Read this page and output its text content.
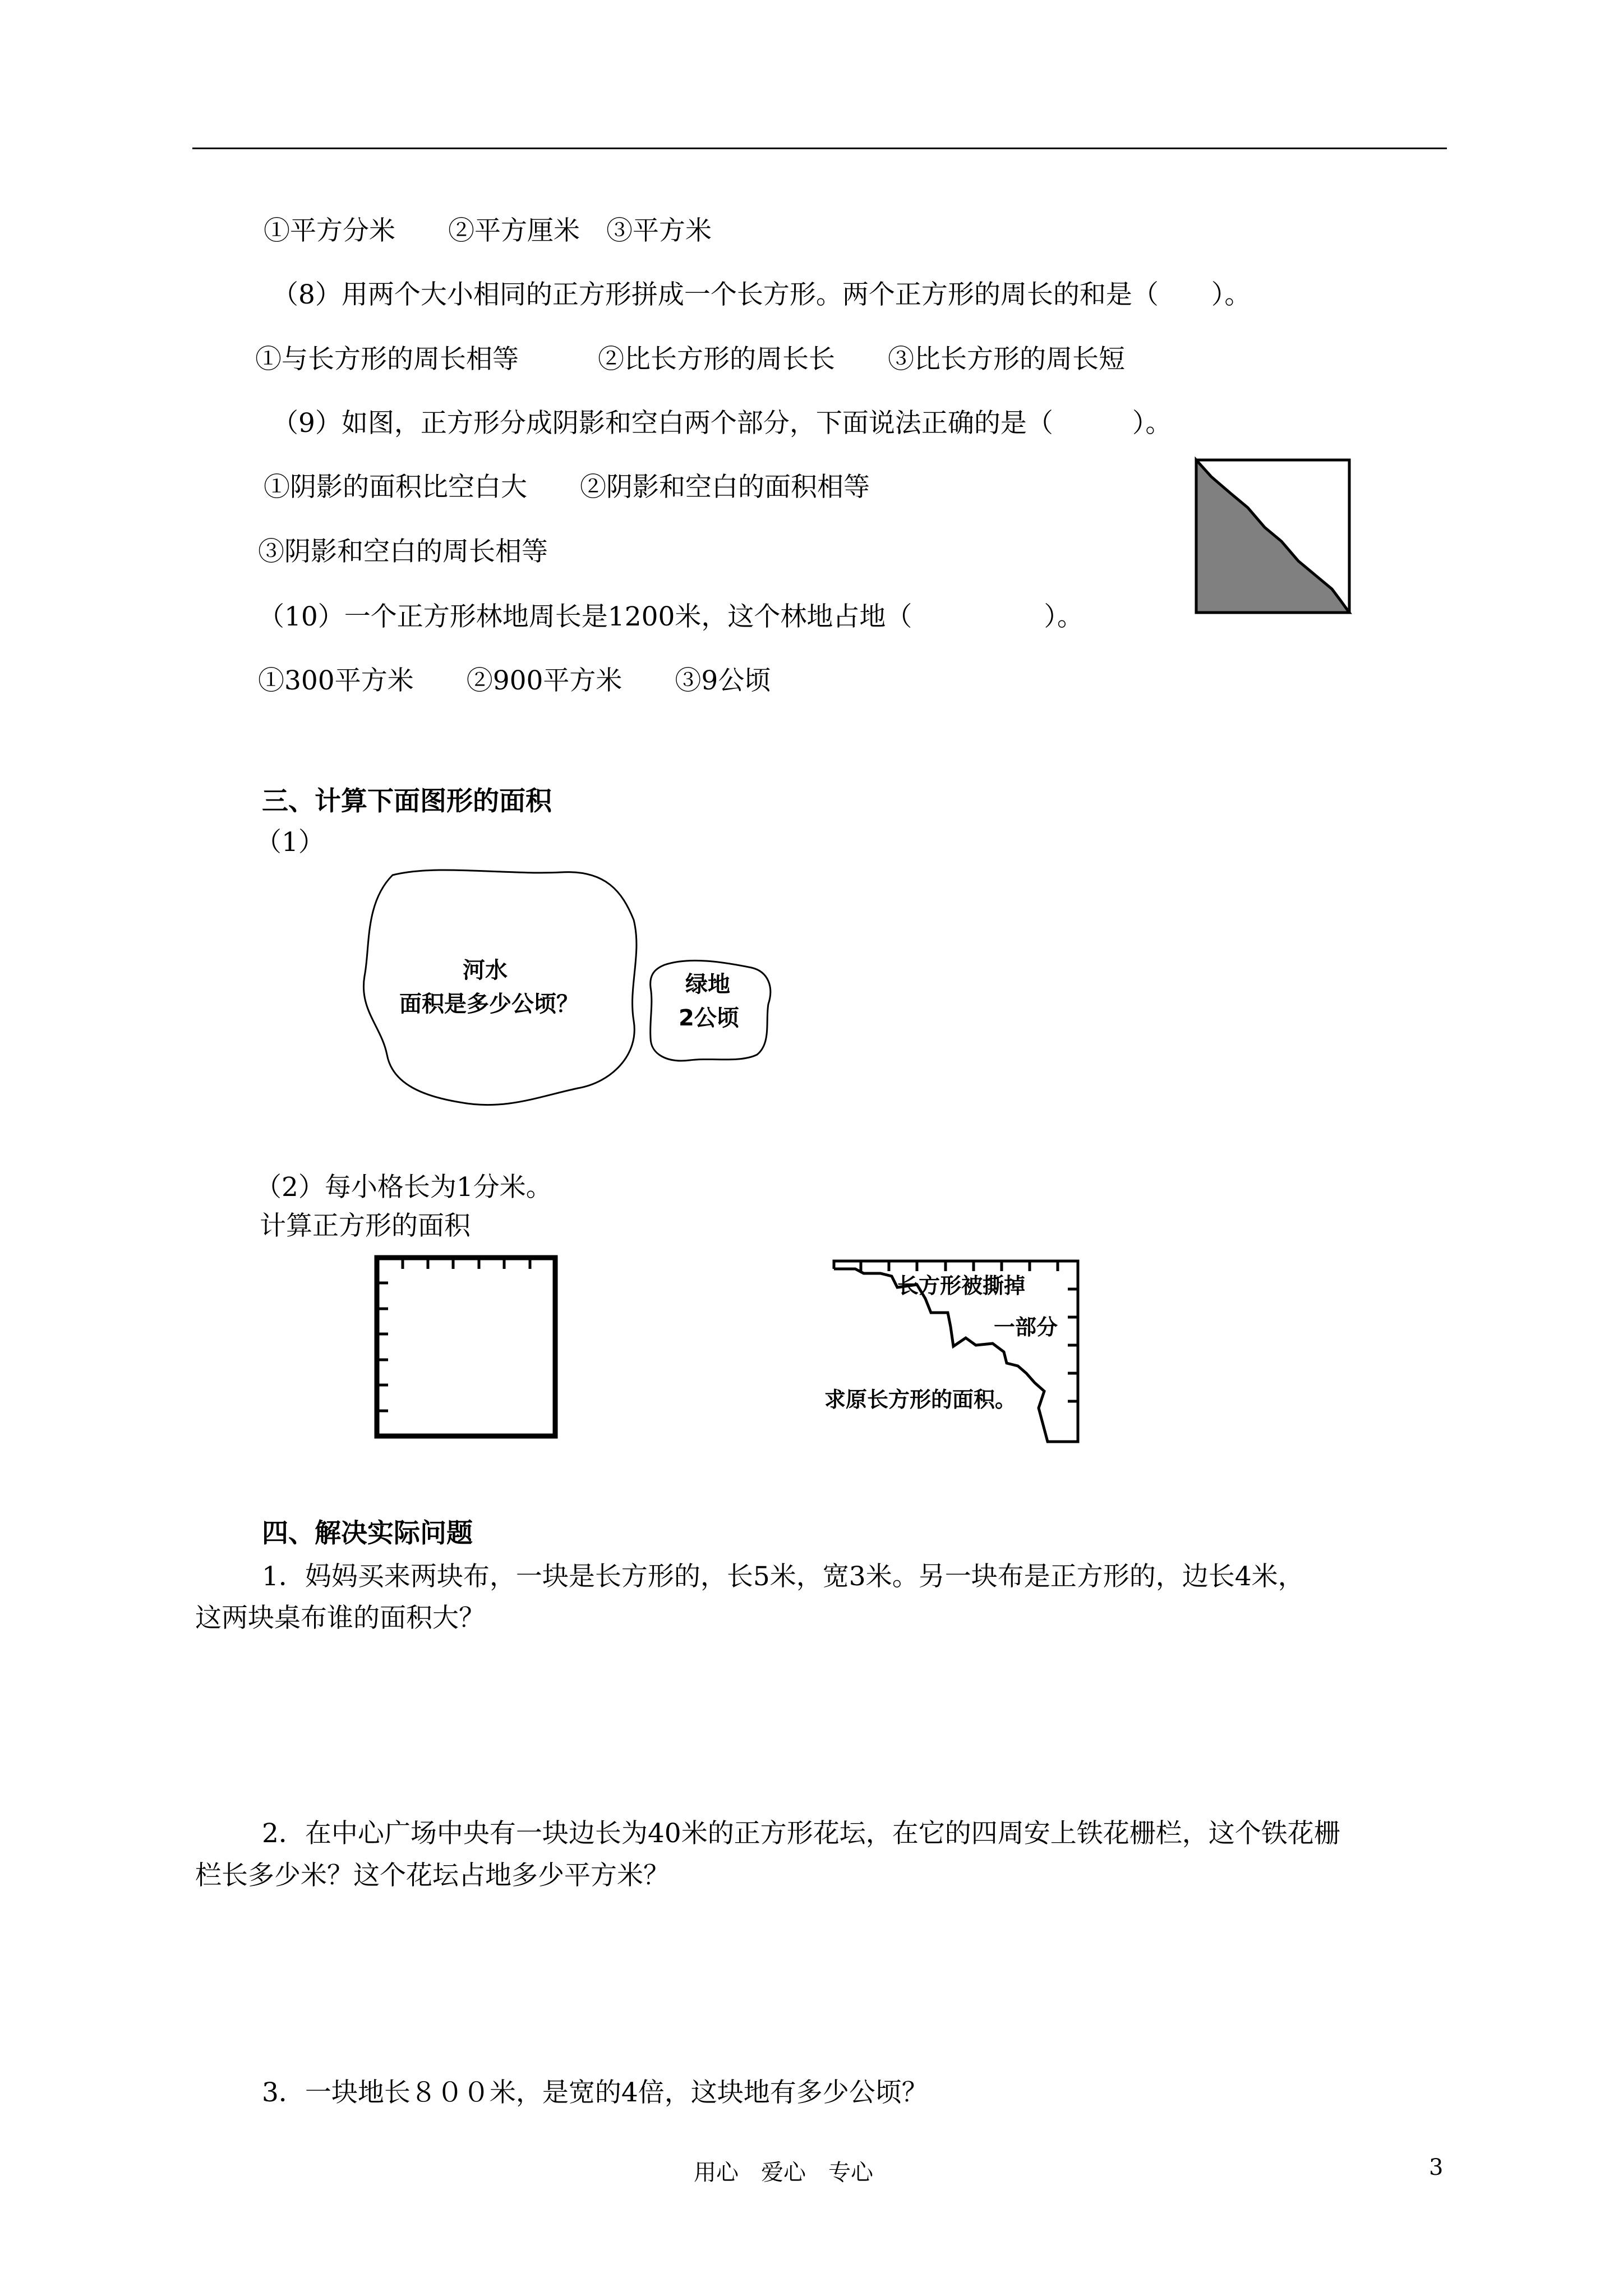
①平方分米　　②平方厘米　③平方米
（8）用两个大小相同的正方形拼成一个长方形。两个正方形的周长的和是（　　）。
①与长方形的周长相等　　　②比长方形的周长长　　③比长方形的周长短
（9）如图，正方形分成阴影和空白两个部分，下面说法正确的是（　　　）。
①阴影的面积比空白大　　②阴影和空白的面积相等
③阴影和空白的周长相等
（10）一个正方形林地周长是1200米，这个林地占地（　　　　　）。
①300平方米　　②900平方米　　③9公顷
三、计算下面图形的面积
（1）
河水
面积是多少公顷？
绿地
2公顷
（2）每小格长为1分米。
计算正方形的面积
长方形被撕掉
一部分
求原长方形的面积。
四、解决实际问题
1．妈妈买来两块布，一块是长方形的，长5米，宽3米。另一块布是正方形的，边长4米，
这两块桌布谁的面积大？
2．在中心广场中央有一块边长为40米的正方形花坛，在它的四周安上铁花栅栏，这个铁花栅
栏长多少米？这个花坛占地多少平方米？
3．一块地长８００米，是宽的4倍，这块地有多少公顷？
用心　爱心　专心	3
